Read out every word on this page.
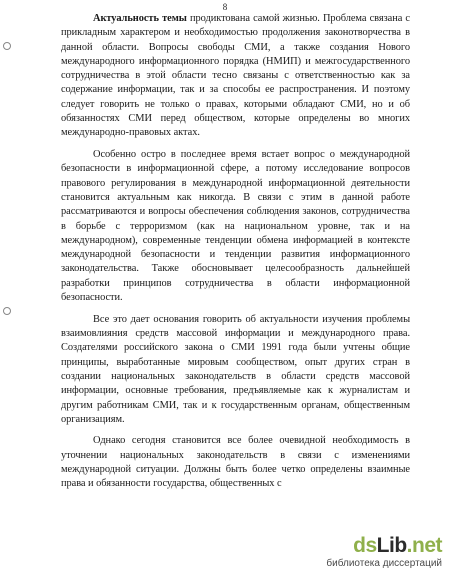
8

Актуальность темы продиктована самой жизнью. Проблема связана с прикладным характером и необходимостью продолжения законотворчества в данной области. Вопросы свободы СМИ, а также создания Нового международного информационного порядка (НМИП) и межгосударственного сотрудничества в этой области тесно связаны с ответственностью как за содержание информации, так и за способы ее распространения. И поэтому следует говорить не только о правах, которыми обладают СМИ, но и об обязанностях СМИ перед обществом, которые определены во многих международно-правовых актах.

Особенно остро в последнее время встает вопрос о международной безопасности в информационной сфере, а потому исследование вопросов правового регулирования в международной информационной деятельности становится актуальным как никогда. В связи с этим в данной работе рассматриваются и вопросы обеспечения соблюдения законов, сотрудничества в борьбе с терроризмом (как на национальном уровне, так и на международном), современные тенденции обмена информацией в контексте международной безопасности и тенденции развития информационного законодательства. Также обосновывает целесообразность дальнейшей разработки принципов сотрудничества в области информационной безопасности.

Все это дает основания говорить об актуальности изучения проблемы взаимовлияния средств массовой информации и международного права. Создателями российского закона о СМИ 1991 года были учтены общие принципы, выработанные мировым сообществом, опыт других стран в создании национальных законодательств в области средств массовой информации, основные требования, предъявляемые как к журналистам и другим работникам СМИ, так и к государственным органам, общественным организациям.

Однако сегодня становится все более очевидной необходимость в уточнении национальных законодательств в связи с изменениями международной ситуации. Должны быть более четко определены взаимные права и обязанности государства, общественных с

dsLib.net
библиотека диссертаций
